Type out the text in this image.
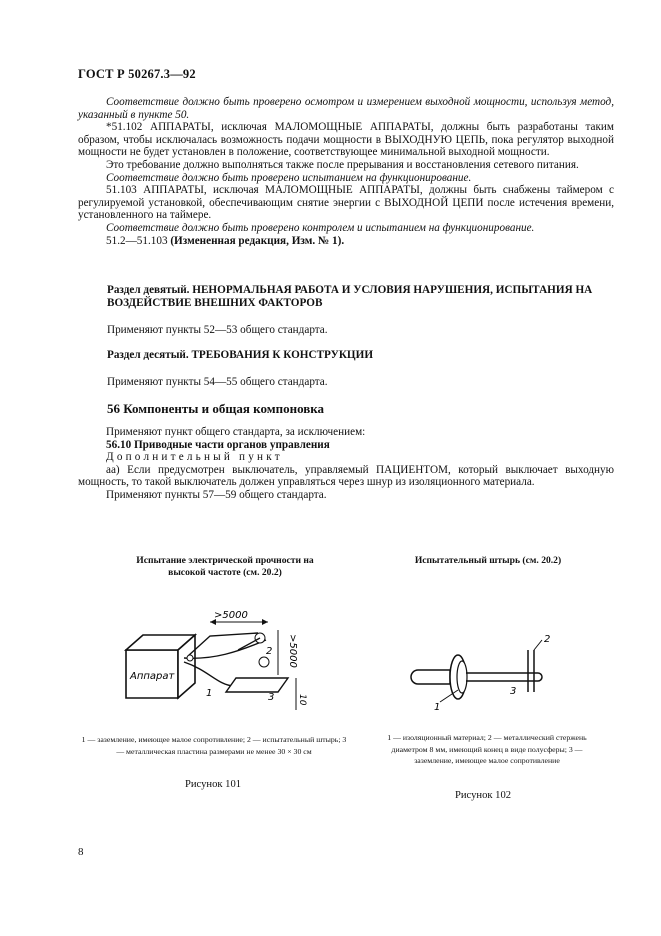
ГОСТ Р 50267.3—92

Соответствие должно быть проверено осмотром и измерением выходной мощности, используя метод, указанный в пункте 50.

*51.102 АППАРАТЫ, исключая МАЛОМОЩНЫЕ АППАРАТЫ, должны быть разработаны таким образом, чтобы исключалась возможность подачи мощности в ВЫХОДНУЮ ЦЕПЬ, пока регулятор выходной мощности не будет установлен в положение, соответствующее минимальной выходной мощности.

Это требование должно выполняться также после прерывания и восстановления сетевого питания.

Соответствие должно быть проверено испытанием на функционирование.

51.103 АППАРАТЫ, исключая МАЛОМОЩНЫЕ АППАРАТЫ, должны быть снабжены таймером с регулируемой установкой, обеспечивающим снятие энергии с ВЫХОДНОЙ ЦЕПИ после истечения времени, установленного на таймере.

Соответствие должно быть проверено контролем и испытанием на функционирование.

51.2—51.103 (Измененная редакция, Изм. № 1).

Раздел девятый. НЕНОРМАЛЬНАЯ РАБОТА И УСЛОВИЯ НАРУШЕНИЯ, ИСПЫТАНИЯ НА ВОЗДЕЙСТВИЕ ВНЕШНИХ ФАКТОРОВ
Применяют пункты 52—53 общего стандарта.
Раздел десятый. ТРЕБОВАНИЯ К КОНСТРУКЦИИ
Применяют пункты 54—55 общего стандарта.
56 Компоненты и общая компоновка

Применяют пункт общего стандарта, за исключением:

56.10 Приводные части органов управления

Дополнительный пункт

аа) Если предусмотрен выключатель, управляемый ПАЦИЕНТОМ, который выключает выходную мощность, то такой выключатель должен управляться через шнур из изоляционного материала.

Применяют пункты 57—59 общего стандарта.

Испытание электрической прочности на высокой частоте (см. 20.2)
Аппарат
>5000
>5000
10
1
2
3
1 — заземление, имеющее малое сопротивление; 2 — испытательный штырь; 3 — металлическая пластина размерами не менее 30 × 30 см
Рисунок 101
Испытательный штырь (см. 20.2)
1
2
3
1 — изоляционный материал; 2 — металлический стержень диаметром 8 мм, имеющий конец в виде полусферы; 3 — заземление, имеющее малое сопротивление
Рисунок 102
8
